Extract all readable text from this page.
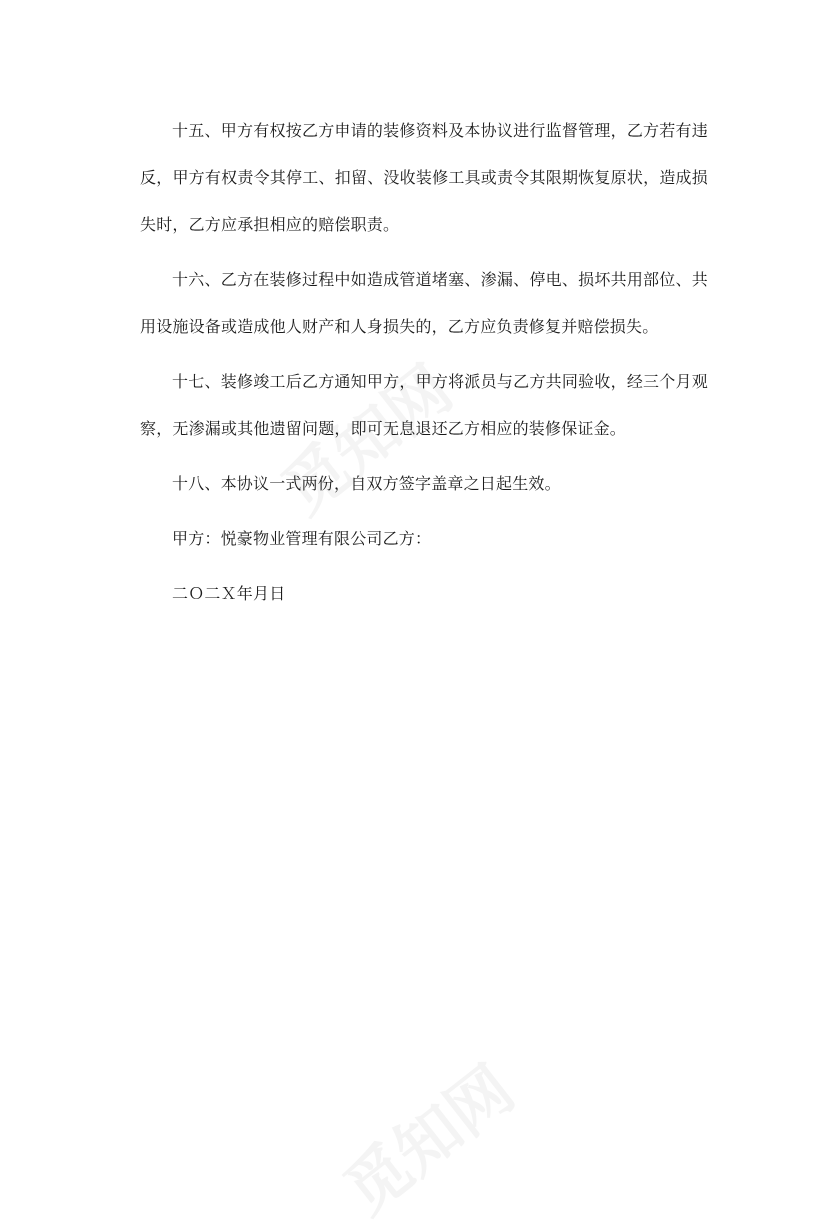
十五、甲方有权按乙方申请的装修资料及本协议进行监督管理，乙方若有违反，甲方有权责令其停工、扣留、没收装修工具或责令其限期恢复原状，造成损失时，乙方应承担相应的赔偿职责。

十六、乙方在装修过程中如造成管道堵塞、渗漏、停电、损坏共用部位、共用设施设备或造成他人财产和人身损失的，乙方应负责修复并赔偿损失。

十七、装修竣工后乙方通知甲方，甲方将派员与乙方共同验收，经三个月观察，无渗漏或其他遗留问题，即可无息退还乙方相应的装修保证金。

十八、本协议一式两份，自双方签字盖章之日起生效。

甲方：悦豪物业管理有限公司乙方：

二Ｏ二Ｘ年月日
